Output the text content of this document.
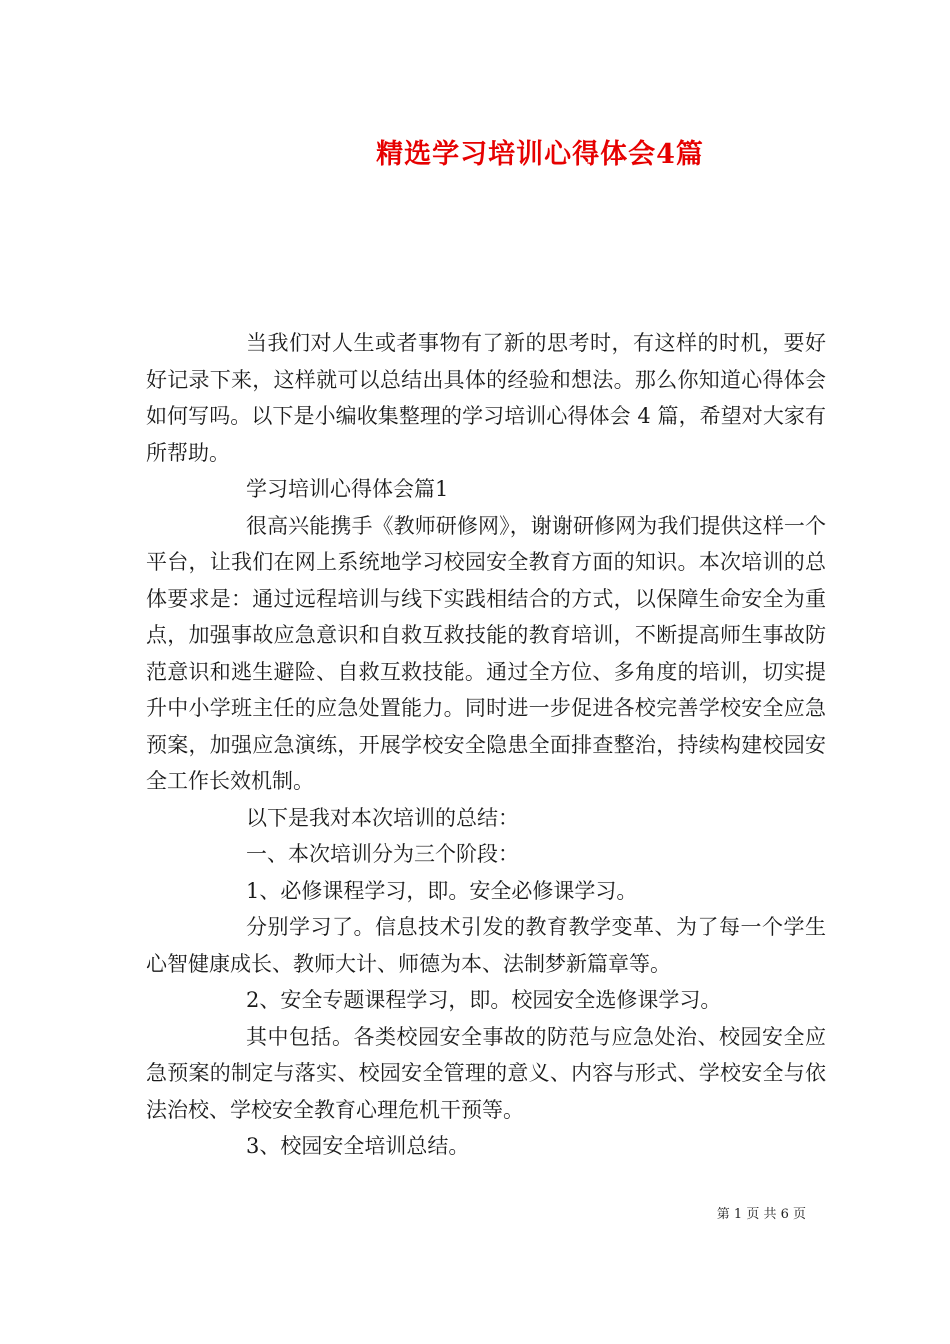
精选学习培训心得体会4篇

当我们对人生或者事物有了新的思考时，有这样的时机，要好好记录下来，这样就可以总结出具体的经验和想法。那么你知道心得体会如何写吗。以下是小编收集整理的学习培训心得体会 4 篇，希望对大家有所帮助。

学习培训心得体会篇1

很高兴能携手《教师研修网》，谢谢研修网为我们提供这样一个平台，让我们在网上系统地学习校园安全教育方面的知识。本次培训的总体要求是：通过远程培训与线下实践相结合的方式，以保障生命安全为重点，加强事故应急意识和自救互救技能的教育培训，不断提高师生事故防范意识和逃生避险、自救互救技能。通过全方位、多角度的培训，切实提升中小学班主任的应急处置能力。同时进一步促进各校完善学校安全应急预案，加强应急演练，开展学校安全隐患全面排查整治，持续构建校园安全工作长效机制。

以下是我对本次培训的总结：

一、本次培训分为三个阶段：

1、必修课程学习，即。安全必修课学习。

分别学习了。信息技术引发的教育教学变革、为了每一个学生心智健康成长、教师大计、师德为本、法制梦新篇章等。

2、安全专题课程学习，即。校园安全选修课学习。

其中包括。各类校园安全事故的防范与应急处治、校园安全应急预案的制定与落实、校园安全管理的意义、内容与形式、学校安全与依法治校、学校安全教育心理危机干预等。

3、校园安全培训总结。

第 1 页 共 6 页
